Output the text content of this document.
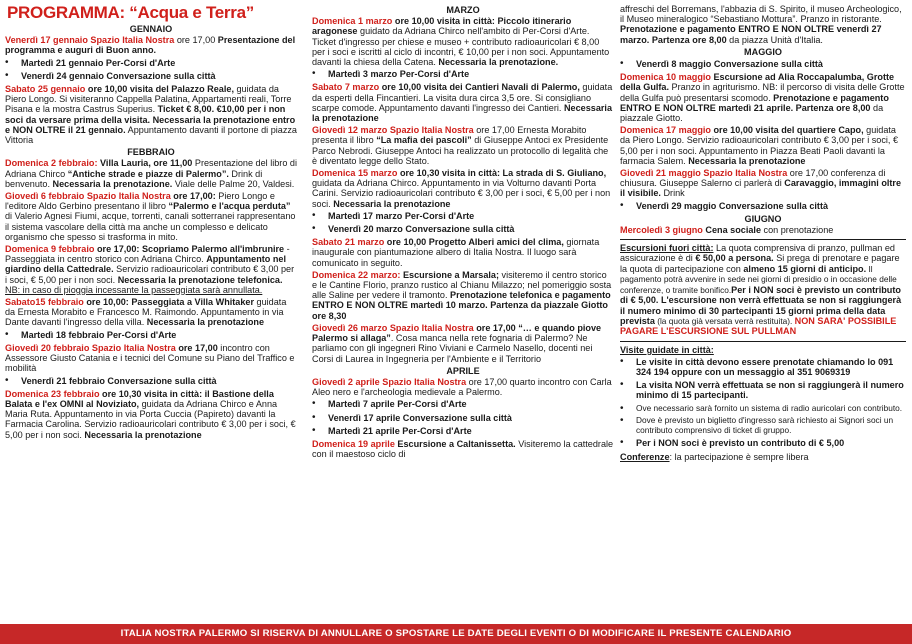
PROGRAMMA: “Acqua e Terra”
GENNAIO
Venerdì 17 gennaio Spazio Italia Nostra ore 17,00 Presentazione del programma e auguri di Buon anno.
•	Martedì 21 gennaio Per-Corsi d'Arte
•	Venerdì 24 gennaio Conversazione sulla città
Sabato 25 gennaio ore 10,00 visita del Palazzo Reale, guidata da Piero Longo. Si visiteranno Cappella Palatina, Appartamenti reali, Torre Pisana e la mostra Castrus Superius. Ticket € 8,00. €10,00 per i non soci da versare prima della visita. Necessaria la prenotazione entro e NON OLTRE il 21 gennaio. Appuntamento davanti il portone di piazza Vittoria
FEBBRAIO
Domenica 2 febbraio: Villa Lauria, ore 11,00 Presentazione del libro di Adriana Chirco “Antiche strade e piazze di Palermo”. Drink di benvenuto. Necessaria la prenotazione. Viale delle Palme 20, Valdesi.
Giovedì 6 febbraio Spazio Italia Nostra ore 17,00: Piero Longo e l'editore Aldo Gerbino presentano il libro “Palermo e l'acqua perduta” di Valerio Agnesi Fiumi, acque, torrenti, canali sotterranei rappresentano il sistema vascolare della città ma anche un complesso e delicato organismo che spesso si trasforma in mito.
Domenica 9 febbraio ore 17,00: Scopriamo Palermo all'imbrunire - Passeggiata in centro storico con Adriana Chirco. Appuntamento nel giardino della Cattedrale. Servizio radioauricolari contributo € 3,00 per i soci, € 5,00 per i non soci. Necessaria la prenotazione telefonica. NB: in caso di pioggia incessante la passeggiata sarà annullata.
Sabato15 febbraio ore 10,00: Passeggiata a Villa Whitaker guidata da Ernesta Morabito e Francesco M. Raimondo. Appuntamento in via Dante davanti l'ingresso della villa. Necessaria la prenotazione
•	Martedì 18 febbraio Per-Corsi d'Arte
Giovedì 20 febbraio Spazio Italia Nostra ore 17,00 incontro con Assessore Giusto Catania e i tecnici del Comune su Piano del Traffico e mobilità
•	Venerdì 21 febbraio Conversazione sulla città
Domenica 23 febbraio ore 10,30 visita in città: il Bastione della Balata e l'ex OMNI al Noviziato, guidata da Adriana Chirco e Anna Maria Ruta. Appuntamento in via Porta Cuccia (Papireto) davanti la Farmacia Carolina. Servizio radioauricolari contributo € 3,00 per i soci, € 5,00 per i non soci. Necessaria la prenotazione
MARZO
Domenica 1 marzo ore 10,00 visita in città: Piccolo itinerario aragonese guidato da Adriana Chirco nell'ambito di Per-Corsi d'Arte. Ticket d'ingresso per chiese e museo + contributo radioauricolari € 8,00 per i soci e iscritti al ciclo di incontri, € 10,00 per i non soci. Appuntamento davanti la chiesa della Catena. Necessaria la prenotazione.
•	Martedì 3 marzo Per-Corsi d'Arte
Sabato 7 marzo ore 10,00 visita dei Cantieri Navali di Palermo, guidata da esperti della Fincantieri. La visita dura circa 3,5 ore. Si consigliano scarpe comode. Appuntamento davanti l'ingresso dei Cantieri. Necessaria la prenotazione
Giovedì 12 marzo Spazio Italia Nostra ore 17,00 Ernesta Morabito presenta il libro “La mafia dei pascoli” di Giuseppe Antoci ex Presidente Parco Nebrodi. Giuseppe Antoci ha realizzato un protocollo di legalità che è diventato legge dello Stato.
Domenica 15 marzo ore 10,30 visita in città: La strada di S. Giuliano, guidata da Adriana Chirco. Appuntamento in via Volturno davanti Porta Carini. Servizio radioauricolari contributo € 3,00 per i soci, € 5,00 per i non soci. Necessaria la prenotazione
•	Martedì 17 marzo Per-Corsi d'Arte
•	Venerdì 20 marzo Conversazione sulla città
Sabato 21 marzo ore 10,00 Progetto Alberi amici del clima, giornata inaugurale con piantumazione albero di Italia Nostra. Il luogo sarà comunicato in seguito.
Domenica 22 marzo: Escursione a Marsala; visiteremo il centro storico e le Cantine Florio, pranzo rustico al Chianu Milazzo; nel pomeriggio sosta alle Saline per vedere il tramonto. Prenotazione telefonica e pagamento ENTRO E NON OLTRE martedì 10 marzo. Partenza da piazzale Giotto ore 8,30
Giovedì 26 marzo Spazio Italia Nostra ore 17,00 “… e quando piove Palermo si allaga”. Cosa manca nella rete fognaria di Palermo? Ne parliamo con gli ingegneri Rino Viviani e Carmelo Nasello, docenti nei Corsi di Laurea in Ingegneria per l'Ambiente e il Territorio
APRILE
Giovedì 2 aprile Spazio Italia Nostra ore 17,00 quarto incontro con Carla Aleo nero e l'archeologia medievale a Palermo.
•	Martedì 7 aprile Per-Corsi d'Arte
•	Venerdì 17 aprile Conversazione sulla città
•	Martedì 21 aprile Per-Corsi d'Arte
Domenica 19 aprile Escursione a Caltanissetta. Visiteremo la cattedrale con il maestoso ciclo di
affreschi del Borremans, l'abbazia di S. Spirito, il museo Archeologico, il Museo mineralogico “Sebastiano Mottura”. Pranzo in ristorante. Prenotazione e pagamento ENTRO E NON OLTRE venerdì 27 marzo. Partenza ore 8,00 da piazza Unità d'Italia.
MAGGIO
•	Venerdì 8 maggio Conversazione sulla città
Domenica 10 maggio Escursione ad Alia Roccapalumba, Grotte della Gulfa. Pranzo in agriturismo. NB: il percorso di visita delle Grotte della Gulfa può presentarsi scomodo. Prenotazione e pagamento ENTRO E NON OLTRE martedì 21 aprile. Partenza ore 8,00 da piazzale Giotto.
Domenica 17 maggio ore 10,00 visita del quartiere Capo, guidata da Piero Longo. Servizio radioauricolari contributo € 3,00 per i soci, € 5,00 per i non soci. Appuntamento in Piazza Beati Paoli davanti la farmacia Salem. Necessaria la prenotazione
Giovedì 21 maggio Spazio Italia Nostra ore 17,00 conferenza di chiusura. Giuseppe Salerno ci parlerà di Caravaggio, immagini oltre il visibile. Drink
•	Venerdì 29 maggio Conversazione sulla città
GIUGNO
Mercoledì 3 giugno Cena sociale con prenotazione
Escursioni fuori città: La quota comprensiva di pranzo, pullman ed assicurazione è di € 50,00 a persona. Si prega di prenotare e pagare la quota di partecipazione con almeno 15 giorni di anticipo. Il pagamento potrà avvenire in sede nei giorni di presidio o in occasione delle conferenze, o tramite bonifico.Per i NON soci è previsto un contributo di € 5,00. L'escursione non verrà effettuata se non si raggiungerà il numero minimo di 30 partecipanti 15 giorni prima della data prevista (la quota già versata verrà restituita). NON SARA' POSSIBILE PAGARE L'ESCURSIONE SUL PULLMAN
Visite guidate in città:
•	Le visite in città devono essere prenotate chiamando lo 091 324 194 oppure con un messaggio al 351 9069319
•	La visita NON verrà effettuata se non si raggiungerà il numero minimo di 15 partecipanti.
•	Ove necessario sarà fornito un sistema di radio auricolari con contributo.
•	Dove è previsto un biglietto d'ingresso sarà richiesto ai Signori soci un contributo comprensivo di ticket di gruppo.
•	Per i NON soci è previsto un contributo di € 5,00
Conferenze: la partecipazione è sempre libera
ITALIA NOSTRA PALERMO SI RISERVA DI ANNULLARE O SPOSTARE LE DATE DEGLI EVENTI O DI MODIFICARE IL PRESENTE CALENDARIO
